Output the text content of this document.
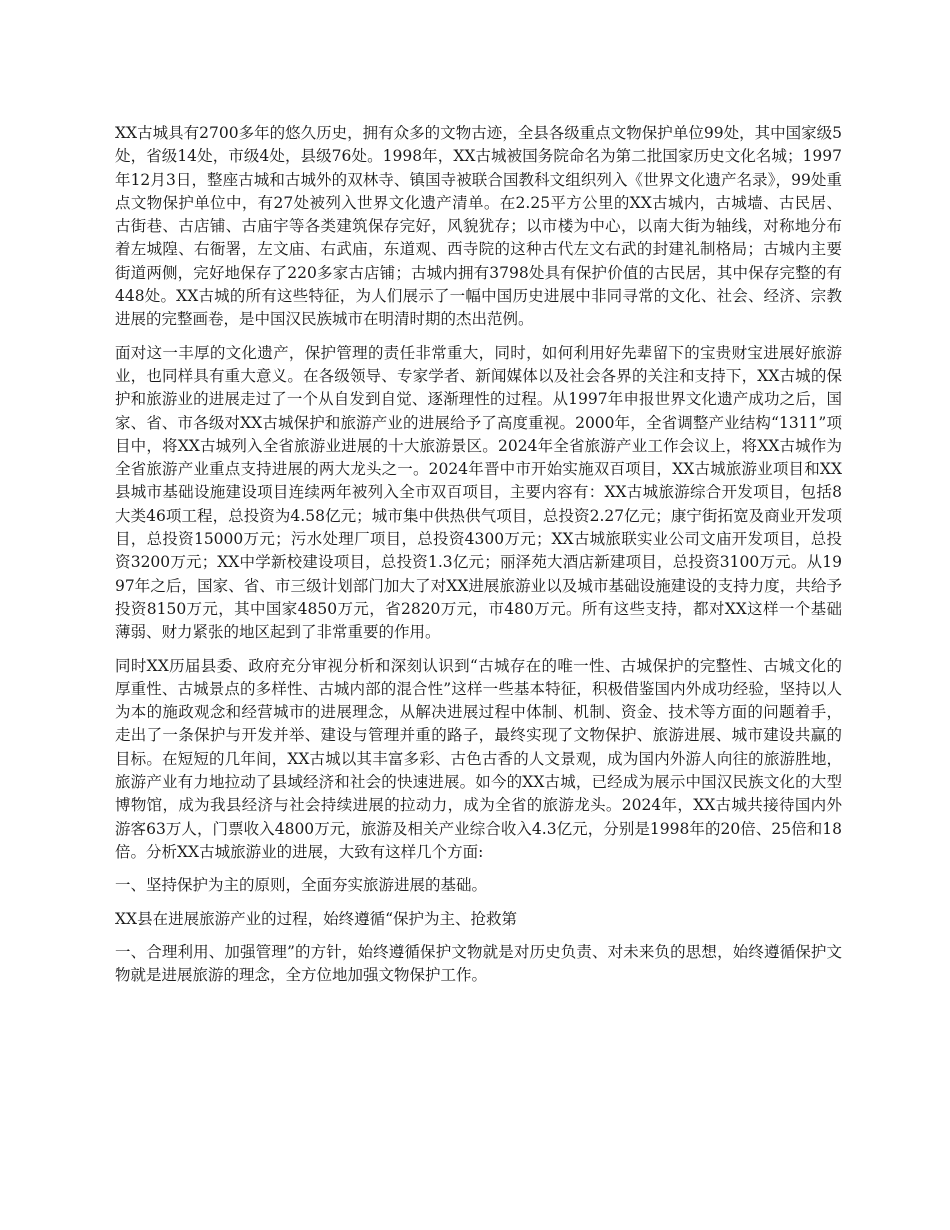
XX古城具有2700多年的悠久历史，拥有众多的文物古迹，全县各级重点文物保护单位99处，其中国家级5处，省级14处，市级4处，县级76处。1998年，XX古城被国务院命名为第二批国家历史文化名城；1997年12月3日，整座古城和古城外的双林寺、镇国寺被联合国教科文组织列入《世界文化遗产名录》，99处重点文物保护单位中，有27处被列入世界文化遗产清单。在2.25平方公里的XX古城内，古城墙、古民居、古街巷、古店铺、古庙宇等各类建筑保存完好，风貌犹存；以市楼为中心，以南大街为轴线，对称地分布着左城隍、右衙署，左文庙、右武庙，东道观、西寺院的这种古代左文右武的封建礼制格局；古城内主要街道两侧，完好地保存了220多家古店铺；古城内拥有3798处具有保护价值的古民居，其中保存完整的有448处。XX古城的所有这些特征，为人们展示了一幅中国历史进展中非同寻常的文化、社会、经济、宗教进展的完整画卷，是中国汉民族城市在明清时期的杰出范例。

面对这一丰厚的文化遗产，保护管理的责任非常重大，同时，如何利用好先辈留下的宝贵财宝进展好旅游业，也同样具有重大意义。在各级领导、专家学者、新闻媒体以及社会各界的关注和支持下，XX古城的保护和旅游业的进展走过了一个从自发到自觉、逐渐理性的过程。从1997年申报世界文化遗产成功之后，国家、省、市各级对XX古城保护和旅游产业的进展给予了高度重视。2000年，全省调整产业结构“1311”项目中，将XX古城列入全省旅游业进展的十大旅游景区。2024年全省旅游产业工作会议上，将XX古城作为全省旅游产业重点支持进展的两大龙头之一。2024年晋中市开始实施双百项目，XX古城旅游业项目和XX县城市基础设施建设项目连续两年被列入全市双百项目，主要内容有：XX古城旅游综合开发项目，包括8大类46项工程，总投资为4.58亿元；城市集中供热供气项目，总投资2.27亿元；康宁街拓宽及商业开发项目，总投资15000万元；污水处理厂项目，总投资4300万元；XX古城旅联实业公司文庙开发项目，总投资3200万元；XX中学新校建设项目，总投资1.3亿元；丽泽苑大酒店新建项目，总投资3100万元。从1997年之后，国家、省、市三级计划部门加大了对XX进展旅游业以及城市基础设施建设的支持力度，共给予投资8150万元，其中国家4850万元，省2820万元，市480万元。所有这些支持，都对XX这样一个基础薄弱、财力紧张的地区起到了非常重要的作用。

同时XX历届县委、政府充分审视分析和深刻认识到“古城存在的唯一性、古城保护的完整性、古城文化的厚重性、古城景点的多样性、古城内部的混合性”这样一些基本特征，积极借鉴国内外成功经验，坚持以人为本的施政观念和经营城市的进展理念，从解决进展过程中体制、机制、资金、技术等方面的问题着手，走出了一条保护与开发并举、建设与管理并重的路子，最终实现了文物保护、旅游进展、城市建设共赢的目标。在短短的几年间，XX古城以其丰富多彩、古色古香的人文景观，成为国内外游人向往的旅游胜地，旅游产业有力地拉动了县域经济和社会的快速进展。如今的XX古城，已经成为展示中国汉民族文化的大型博物馆，成为我县经济与社会持续进展的拉动力，成为全省的旅游龙头。2024年，XX古城共接待国内外游客63万人，门票收入4800万元，旅游及相关产业综合收入4.3亿元，分别是1998年的20倍、25倍和18倍。分析XX古城旅游业的进展，大致有这样几个方面:

一、坚持保护为主的原则，全面夯实旅游进展的基础。

XX县在进展旅游产业的过程，始终遵循“保护为主、抢救第

一、合理利用、加强管理”的方针，始终遵循保护文物就是对历史负责、对未来负的思想，始终遵循保护文物就是进展旅游的理念，全方位地加强文物保护工作。
